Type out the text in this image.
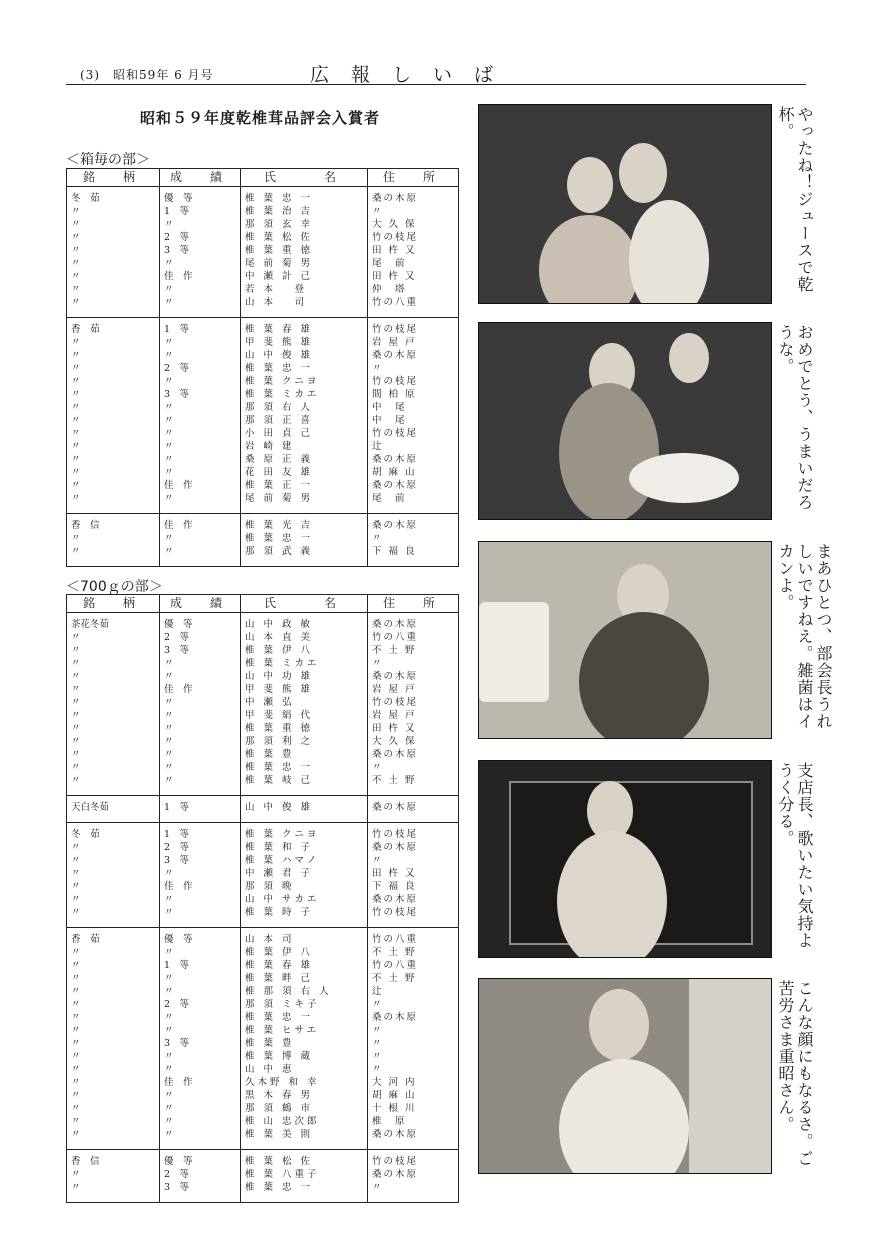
(3)　昭和59年 6 月号	広報しいば
昭和５９年度乾椎茸品評会入賞者
＜箱毎の部＞
銘　柄	成　績	氏　　名	住　所
冬　茹	優　等	椎 葉 忠 一	桑の木原
〃	1　等	椎 葉 治 吉	〃
〃	〃	那 須 玄 幸	大 久 保
〃	2　等	椎 葉 松 佐	竹の枝尾
〃	3　等	椎 葉 重 徳	田 杵 又
〃	〃	尾 前 菊 男	尾　前
〃	佳　作	中 瀬 計 己	田 杵 又
〃	〃	若 本　 登	仲　塔
〃	〃	山 本　 司	竹の八重
香　茹	1　等	椎 葉 春 雄	竹の枝尾
〃	〃	甲 斐 熊 雄	岩 屋 戸
〃	〃	山 中 俊 雄	桑の木原
〃	2　等	椎 葉 忠 一	〃
〃	〃	椎 葉 クニヨ	竹の枝尾
〃	3　等	椎 葉 ミカエ	間 柏 原
〃	〃	那 須 右 人	中　尾
〃	〃	那 須 正 喜	中　尾
〃	〃	小 田 貞 己	竹の枝尾
〃	〃	岩 崎 建	辻
〃	〃	桑 原 正 義	桑の木原
〃	〃	花 田 友 雄	胡 麻 山
〃	佳　作	椎 葉 正 一	桑の木原
〃	〃	尾 前 菊 男	尾　前
香　信	佳　作	椎 葉 光 吉	桑の木原
〃	〃	椎 葉 忠 一	〃
〃	〃	那 須 武 義	下 福 良
＜700ｇの部＞
銘　柄	成　績	氏　　名	住　所
茶花冬茹	優　等	山 中 政 敏	桑の木原
〃	2　等	山 本 直 美	竹の八重
〃	3　等	椎 葉 伊 八	不 土 野
〃	〃	椎 葉 ミカエ	〃
〃	〃	山 中 功 雄	桑の木原
〃	佳　作	甲 斐 熊 雄	岩 屋 戸
〃	〃	中 瀬 弘	竹の枝尾
〃	〃	甲 斐 絹 代	岩 屋 戸
〃	〃	椎 葉 重 徳	田 杵 又
〃	〃	那 須 利 之	大 久 保
〃	〃	椎 葉 豊	桑の木原
〃	〃	椎 葉 忠 一	〃
〃	〃	椎 葉 岐 己	不 土 野
天白冬茹	1　等	山 中 俊 雄	桑の木原
冬　茹	1　等	椎 葉 クニヨ	竹の枝尾
〃	2　等	椎 葉 和 子	桑の木原
〃	3　等	椎 葉 ハマノ	〃
〃	〃	中 瀬 君 子	田 杵 又
〃	佳　作	那 須 晩	下 福 良
〃	〃	山 中 サカエ	桑の木原
〃	〃	椎 葉 時 子	竹の枝尾
香　茹	優　等	山 本 司	竹の八重
〃	〃	椎 葉 伊 八	不 土 野
〃	1　等	椎 葉 春 雄	竹の八重
〃	〃	椎 葉 畔 己	不 土 野
〃	〃	椎 那 須 右 人	辻
〃	2　等	那 須 ミキ子	〃
〃	〃	椎 葉 忠 一	桑の木原
〃	〃	椎 葉 ヒサエ	〃
〃	3　等	椎 葉 豊	〃
〃	〃	椎 葉 博 蔵	〃
〃	〃	山 中 恵	〃
〃	佳　作	久木野 和 幸	大 河 内
〃	〃	黒 木 春 男	胡 麻 山
〃	〃	那 須 鶴 市	十 根 川
〃	〃	椎 山 忠次郎	椎　原
〃	〃	椎 葉 美 則	桑の木原
香　信	優　等	椎 葉 松 佐	竹の枝尾
〃	2　等	椎 葉 八重子	桑の木原
〃	3　等	椎 葉 忠 一	〃
やったね！ジュースで乾杯。
おめでとう、うまいだろうな。
まあひとつ、部会長うれしいですねえ。雑菌はイカンよ。
支店長、歌いたい気持ようく分る。
こんな顔にもなるさ。ご苦労さま重昭さん。
